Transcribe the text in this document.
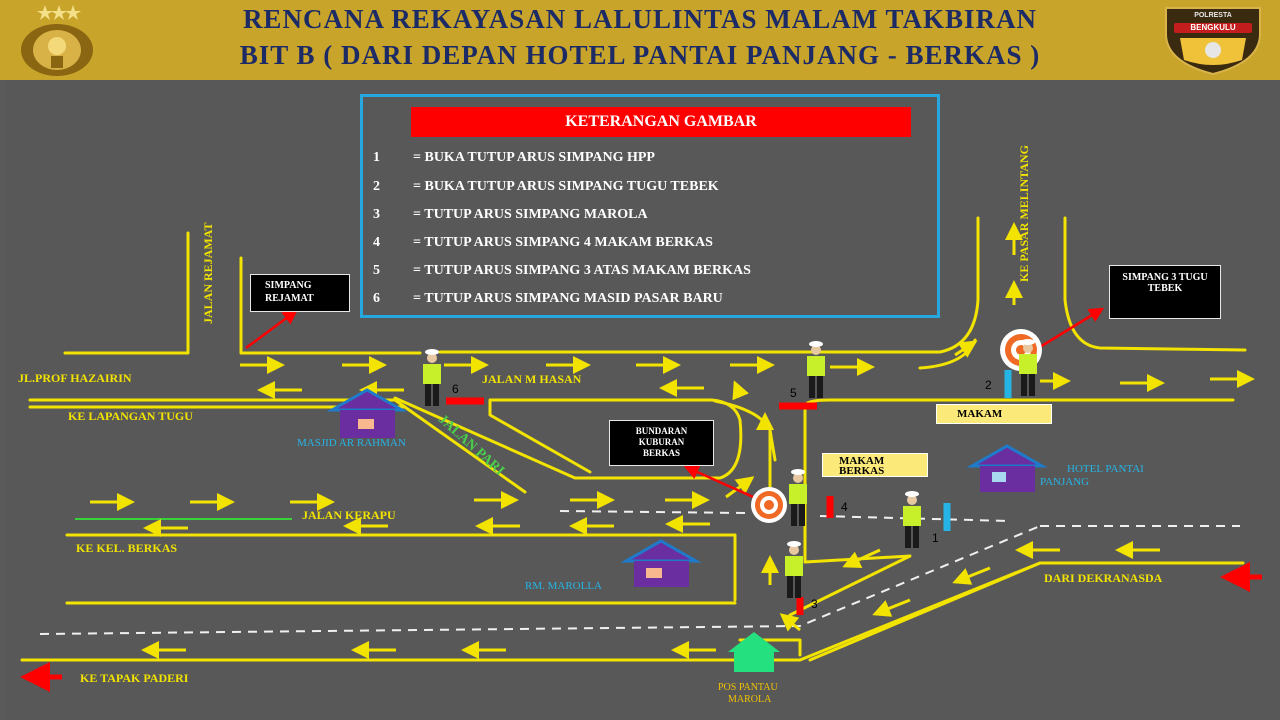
RENCANA REKAYASAN LALULINTAS MALAM TAKBIRAN
BIT B ( DARI DEPAN HOTEL PANTAI PANJANG - BERKAS )
POLRESTA
BENGKULU
JALAN REJAMAT
JL.PROF HAZAIRIN
KE LAPANGAN TUGU
JALAN M HASAN
JALAN PARI
JALAN KERAPU
KE KEL. BERKAS
KE TAPAK PADERI
DARI DEKRANASDA
KE PASAR MELINTANG
MASJID AR RAHMAN
RM. MAROLLA
HOTEL PANTAI
PANJANG
POS PANTAU
MAROLA
SIMPANG
REJAMAT
SIMPANG 3 TUGU
TEBEK
BUNDARAN
KUBURAN
BERKAS
MAKAM
MAKAM
BERKAS
6	5
2
4
1
3
KETERANGAN GAMBAR
1 = BUKA TUTUP ARUS SIMPANG HPP
2 = BUKA TUTUP ARUS SIMPANG TUGU TEBEK
3 = TUTUP ARUS SIMPANG MAROLA
4 = TUTUP ARUS SIMPANG 4 MAKAM BERKAS
5 = TUTUP ARUS SIMPANG 3 ATAS MAKAM BERKAS
6 = TUTUP ARUS SIMPANG MASID PASAR BARU
